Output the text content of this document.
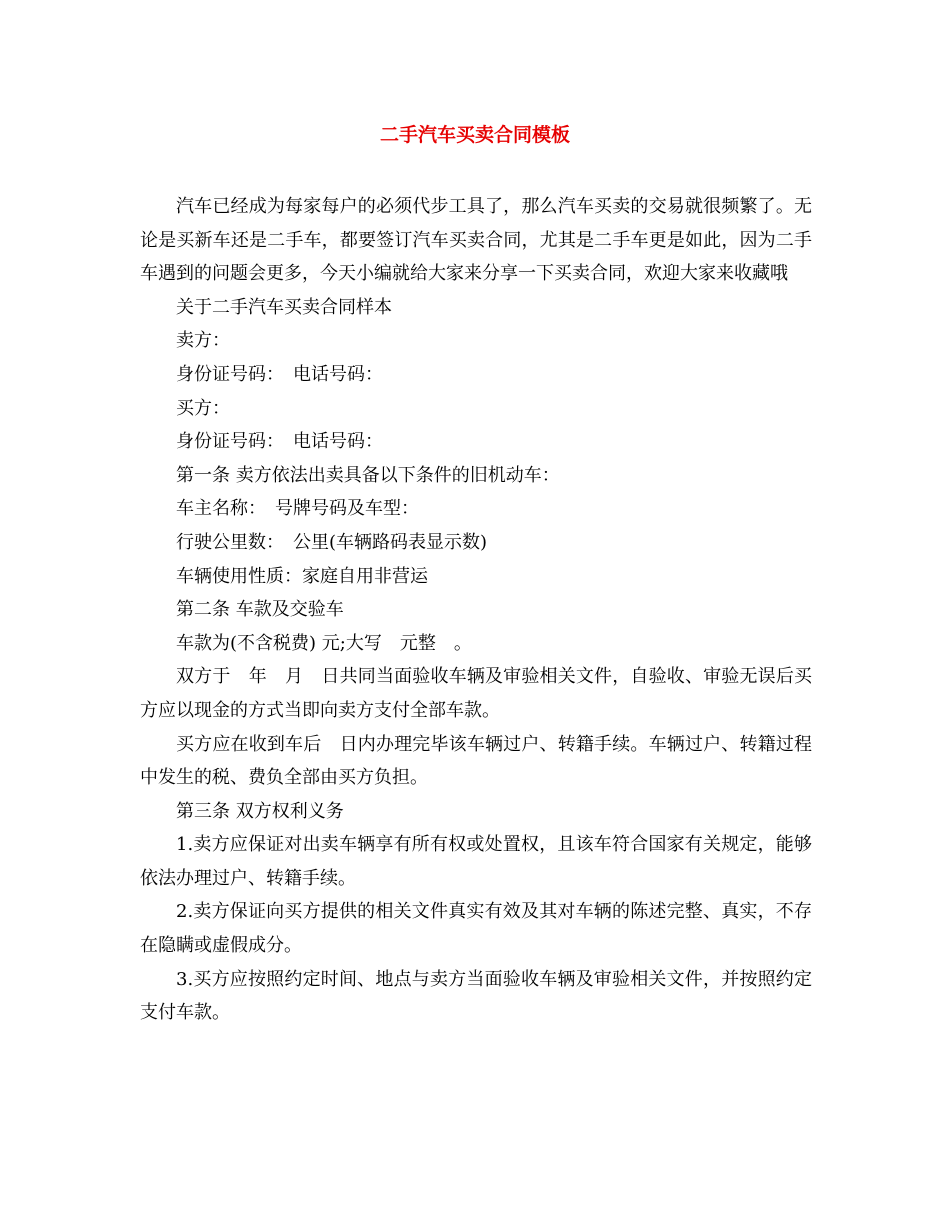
二手汽车买卖合同模板

汽车已经成为每家每户的必须代步工具了，那么汽车买卖的交易就很频繁了。无论是买新车还是二手车，都要签订汽车买卖合同，尤其是二手车更是如此，因为二手车遇到的问题会更多，今天小编就给大家来分享一下买卖合同，欢迎大家来收藏哦

关于二手汽车买卖合同样本

卖方：

身份证号码：　电话号码：

买方：

身份证号码：　电话号码：

第一条 卖方依法出卖具备以下条件的旧机动车：

车主名称：　号牌号码及车型：

行驶公里数：　公里(车辆路码表显示数)

车辆使用性质：家庭自用非营运

第二条 车款及交验车

车款为(不含税费) 元;大写　元整　。

双方于　年　月　日共同当面验收车辆及审验相关文件，自验收、审验无误后买方应以现金的方式当即向卖方支付全部车款。

买方应在收到车后　日内办理完毕该车辆过户、转籍手续。车辆过户、转籍过程中发生的税、费负全部由买方负担。

第三条 双方权利义务

1.卖方应保证对出卖车辆享有所有权或处置权，且该车符合国家有关规定，能够依法办理过户、转籍手续。

2.卖方保证向买方提供的相关文件真实有效及其对车辆的陈述完整、真实，不存在隐瞒或虚假成分。

3.买方应按照约定时间、地点与卖方当面验收车辆及审验相关文件，并按照约定支付车款。
